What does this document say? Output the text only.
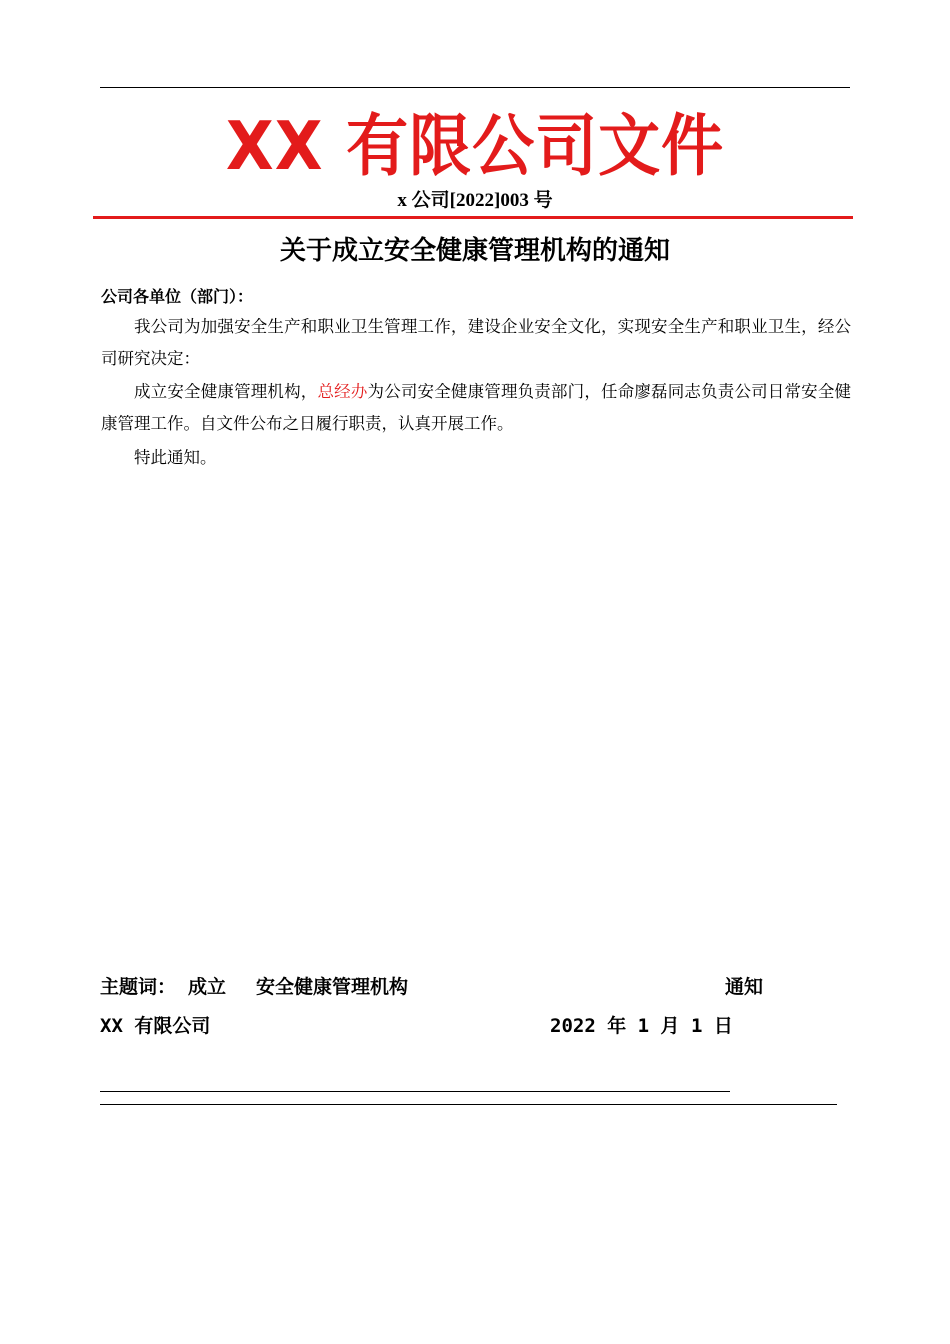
XX 有限公司文件
x 公司[2022]003 号
关于成立安全健康管理机构的通知
公司各单位（部门）：

我公司为加强安全生产和职业卫生管理工作，建设企业安全文化，实现安全生产和职业卫生，经公司研究决定：

成立安全健康管理机构，总经办为公司安全健康管理负责部门，任命廖磊同志负责公司日常安全健康管理工作。自文件公布之日履行职责，认真开展工作。

特此通知。

主题词：

成立

安全健康管理机构

	通知

XX 有限公司

	2022 年 1 月 1 日
